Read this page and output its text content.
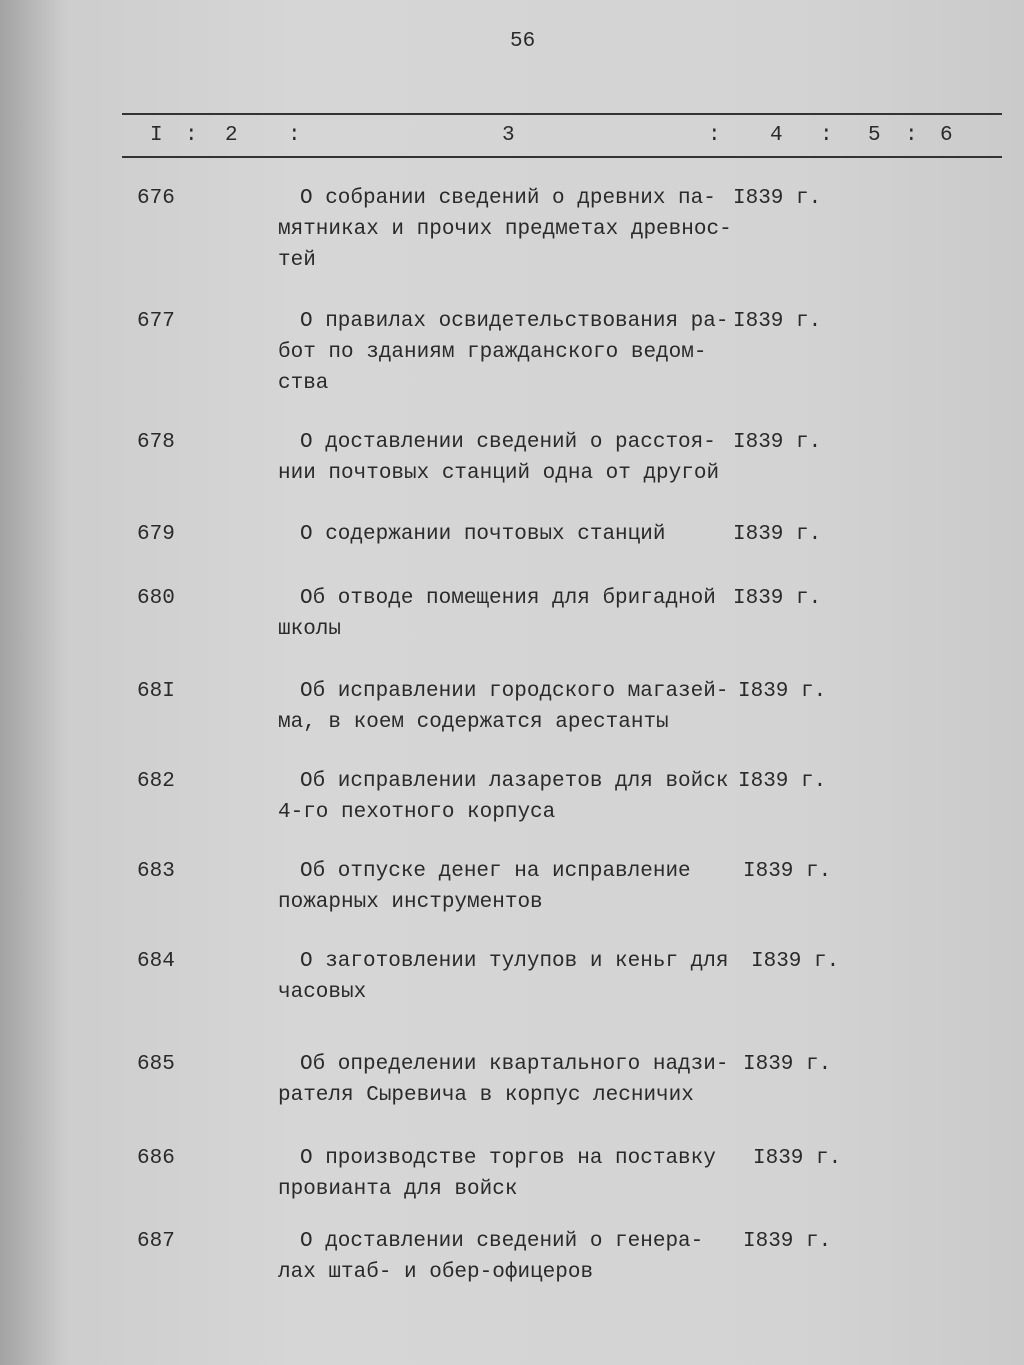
56
I : 2 :	3	: 4 : 5 : 6
676	О собрании сведений о древних па-
мятниках и прочих предметах древнос-
тей
I839 г.
677	О правилах освидетельствования ра-
бот по зданиям гражданского ведом-
ства
I839 г.
678	О доставлении сведений о расстоя-
нии почтовых станций одна от другой
I839 г.
679	О содержании почтовых станций	I839 г.
680	Об отводе помещения для бригадной
школы
I839 г.
68I	Об исправлении городского магазей-
ма, в коем содержатся арестанты
I839 г.
682	Об исправлении лазаретов для войск
4-го пехотного корпуса
I839 г.
683	Об отпуске денег на исправление
пожарных инструментов
I839 г.
684	О заготовлении тулупов и кеньг для
часовых
I839 г.
685	Об определении квартального надзи-
рателя Сыревича в корпус лесничих
I839 г.
686	О производстве торгов на поставку
провианта для войск
I839 г.
687	О доставлении сведений о генера-
лах штаб- и обер-офицеров
I839 г.
